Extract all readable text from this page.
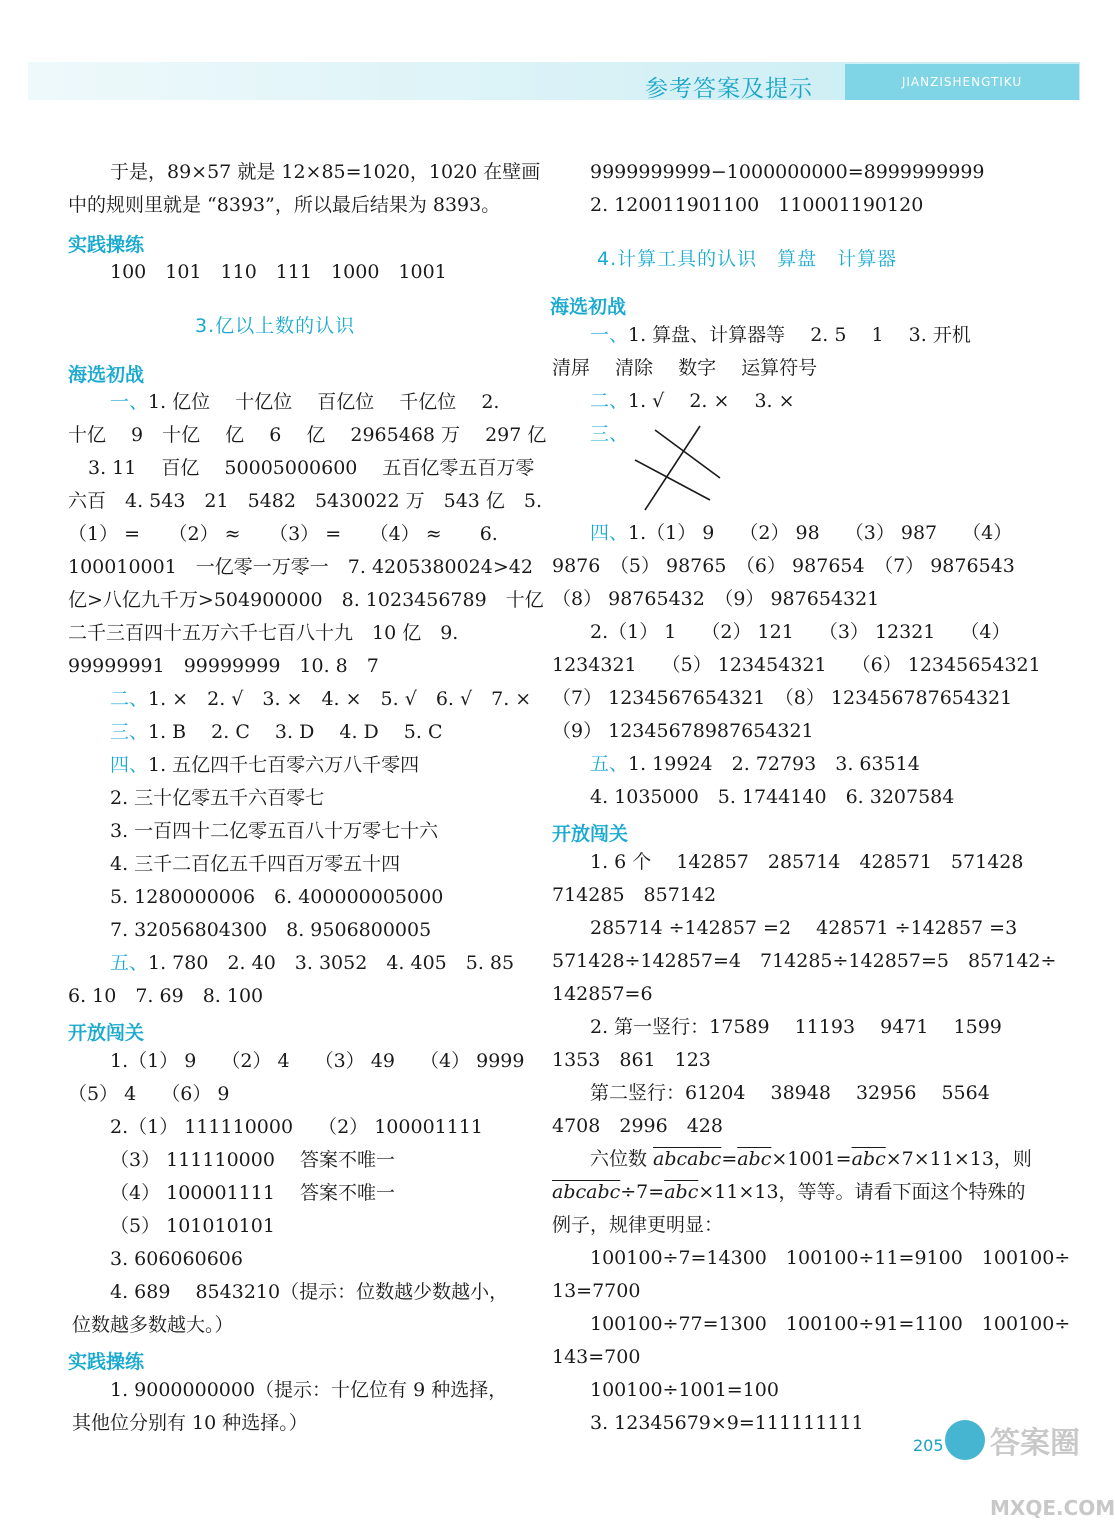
参考答案及提示	JIANZISHENGTIKU
于是，89×57 就是 12×85=1020，1020 在壁画
中的规则里就是 “8393”，所以最后结果为 8393。
实践操练
100　101　110　111　1000　1001
3.亿以上数的认识
海选初战
一、1. 亿位　 十亿位　 百亿位　 千亿位　 2.
十亿　 9　十亿　 亿　 6　 亿　 2965468 万　 297 亿
3. 11　 百亿　 50005000600　 五百亿零五百万零
六百　4. 543　21　5482　5430022 万　543 亿　5.
（1） =　　（2） ≈　　（3） =　　（4） ≈　　6.
100010001　一亿零一万零一　7. 4205380024>42
亿>八亿九千万>504900000　8. 1023456789　十亿
二千三百四十五万六千七百八十九　10 亿　9.
99999991　99999999　10. 8　7
二、1. ×　2. √　3. ×　4. ×　5. √　6. √　7. ×
三、1. B　 2. C　 3. D　 4. D　 5. C
四、1. 五亿四千七百零六万八千零四
2. 三十亿零五千六百零七
3. 一百四十二亿零五百八十万零七十六
4. 三千二百亿五千四百万零五十四
5. 1280000006　6. 400000005000
7. 32056804300　8. 9506800005
五、1. 780　2. 40　3. 3052　4. 405　5. 85
6. 10　7. 69　8. 100
开放闯关
1.（1） 9　 （2） 4　 （3） 49　 （4） 9999
（5） 4　 （6） 9
2.（1） 111110000　 （2） 100001111
（3） 111110000　 答案不唯一
（4） 100001111　 答案不唯一
（5） 101010101
3. 606060606
4. 689　 8543210（提示：位数越少数越小，
位数越多数越大。）
实践操练
1. 9000000000（提示：十亿位有 9 种选择，
其他位分别有 10 种选择。）
9999999999−1000000000=8999999999
2. 120011901100　110001190120
4.计算工具的认识　算盘　计算器
海选初战
一、1. 算盘、计算器等　 2. 5　 1　 3. 开机
清屏　 清除　 数字　 运算符号
二、1. √　 2. ×　 3. ×
三、
四、1.（1） 9　 （2） 98　 （3） 987　 （4）
9876　（5） 98765　（6） 987654　（7） 9876543
（8） 98765432　（9） 987654321
2.（1） 1　 （2） 121　 （3） 12321　 （4）
1234321　 （5） 123454321　 （6） 12345654321
（7） 1234567654321　（8） 123456787654321
（9） 12345678987654321
五、1. 19924　2. 72793　3. 63514
4. 1035000　5. 1744140　6. 3207584
开放闯关
1. 6 个　 142857　285714　428571　571428
714285　857142
285714 ÷142857 =2　 428571 ÷142857 =3
571428÷142857=4　714285÷142857=5　857142÷
142857=6
2. 第一竖行：17589　 11193　 9471　 1599
1353　861　123
第二竖行：61204　 38948　 32956　 5564
4708　2996　428
六位数 $abcabc=\overline{abc}\times 1001=\overline{abc}\times 7\times 11\times 13$，则
$abcabc\div 7=\overline{abc}\times 11\times 13$，等等。请看下面这个特殊的
例子，规律更明显：
100100÷7=14300　100100÷11=9100　100100÷
13=7700
100100÷77=1300　100100÷91=1100　100100÷
143=700
100100÷1001=100
3. 12345679×9=111111111
205 答案圈
MXQE.COM
